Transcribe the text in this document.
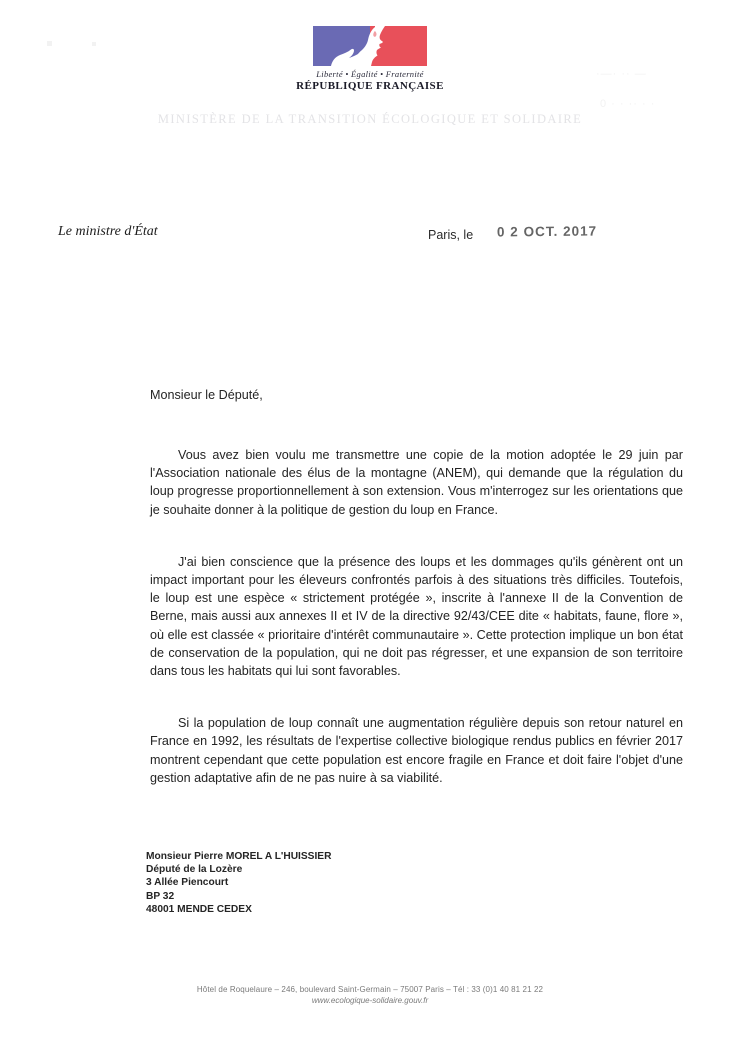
·—· ·· —
0 · · ·· · ·
Liberté • Égalité • Fraternité
RÉPUBLIQUE FRANÇAISE
MINISTÈRE DE LA TRANSITION ÉCOLOGIQUE ET SOLIDAIRE
Le ministre d'État	Paris, le 0 2 OCT. 2017

Monsieur le Député,

Vous avez bien voulu me transmettre une copie de la motion adoptée le 29 juin par l'Association nationale des élus de la montagne (ANEM), qui demande que la régulation du loup progresse proportionnellement à son extension. Vous m'interrogez sur les orientations que je souhaite donner à la politique de gestion du loup en France.

J'ai bien conscience que la présence des loups et les dommages qu'ils génèrent ont un impact important pour les éleveurs confrontés parfois à des situations très difficiles. Toutefois, le loup est une espèce « strictement protégée », inscrite à l'annexe II de la Convention de Berne, mais aussi aux annexes II et IV de la directive 92/43/CEE dite « habitats, faune, flore », où elle est classée « prioritaire d'intérêt communautaire ». Cette protection implique un bon état de conservation de la population, qui ne doit pas régresser, et une expansion de son territoire dans tous les habitats qui lui sont favorables.

Si la population de loup connaît une augmentation régulière depuis son retour naturel en France en 1992, les résultats de l'expertise collective biologique rendus publics en février 2017 montrent cependant que cette population est encore fragile en France et doit faire l'objet d'une gestion adaptative afin de ne pas nuire à sa viabilité.

Monsieur Pierre MOREL A L'HUISSIER
Député de la Lozère
3 Allée Piencourt
BP 32
48001 MENDE CEDEX
Hôtel de Roquelaure – 246, boulevard Saint-Germain – 75007 Paris – Tél : 33 (0)1 40 81 21 22
www.ecologique-solidaire.gouv.fr
